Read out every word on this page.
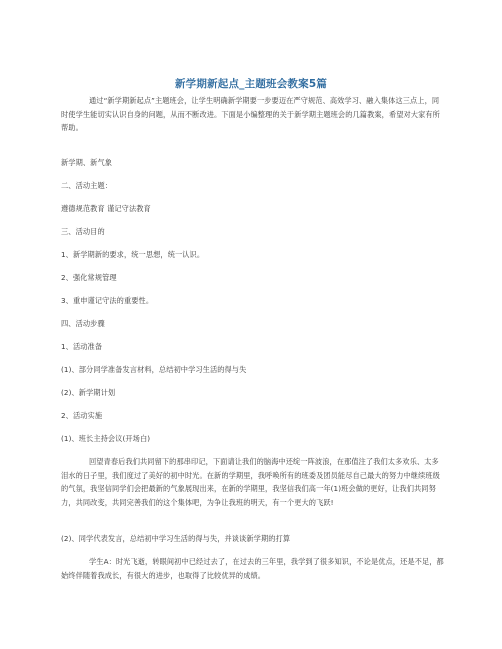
新学期新起点_主题班会教案5篇
通过“新学期新起点”主题班会，让学生明确新学期要一步要迈在严守规范、高效学习、融入集体这三点上，同时使学生能切实认识自身的问题，从而不断改进。下面是小编整理的关于新学期主题班会的几篇教案，希望对大家有所帮助。
新学期、新气象
二、活动主题：
遵德规范教育 谨记守法教育
三、活动目的
1、新学期新的要求，统一思想，统一认识。
2、强化常规管理
3、重申谨记守法的重要性。
四、活动步骤
1、活动准备
(1)、部分同学准备发言材料，总结初中学习生活的得与失
(2)、新学期计划
2、活动实施
(1)、班长主持会议(开场白)
回望青春后我们共同留下的那串印记，下面请让我们的脑海中还绽一阵波浪，在那值注了我们太多欢乐、太多泪水的日子里，我们度过了美好的初中时光。在新的学期里，我呼唤所有的班委及团员能尽自己最大的努力中继续班级的气氛，我坚信同学们会把最新的气象展现出来，在新的学期里，我坚信我们高一年(1)班会做的更好，让我们共同努力，共同改变，共同完善我们的这个集体吧，为争让我班的明天，有一个更大的飞跃!
(2)、同学代表发言，总结初中学习生活的得与失，并谈谈新学期的打算
学生A：时光飞逝，转眼间初中已经过去了，在过去的三年里，我学到了很多知识，不论是优点，还是不足，都始终伴随着我成长，有很大的进步，也取得了比较优异的成绩。
